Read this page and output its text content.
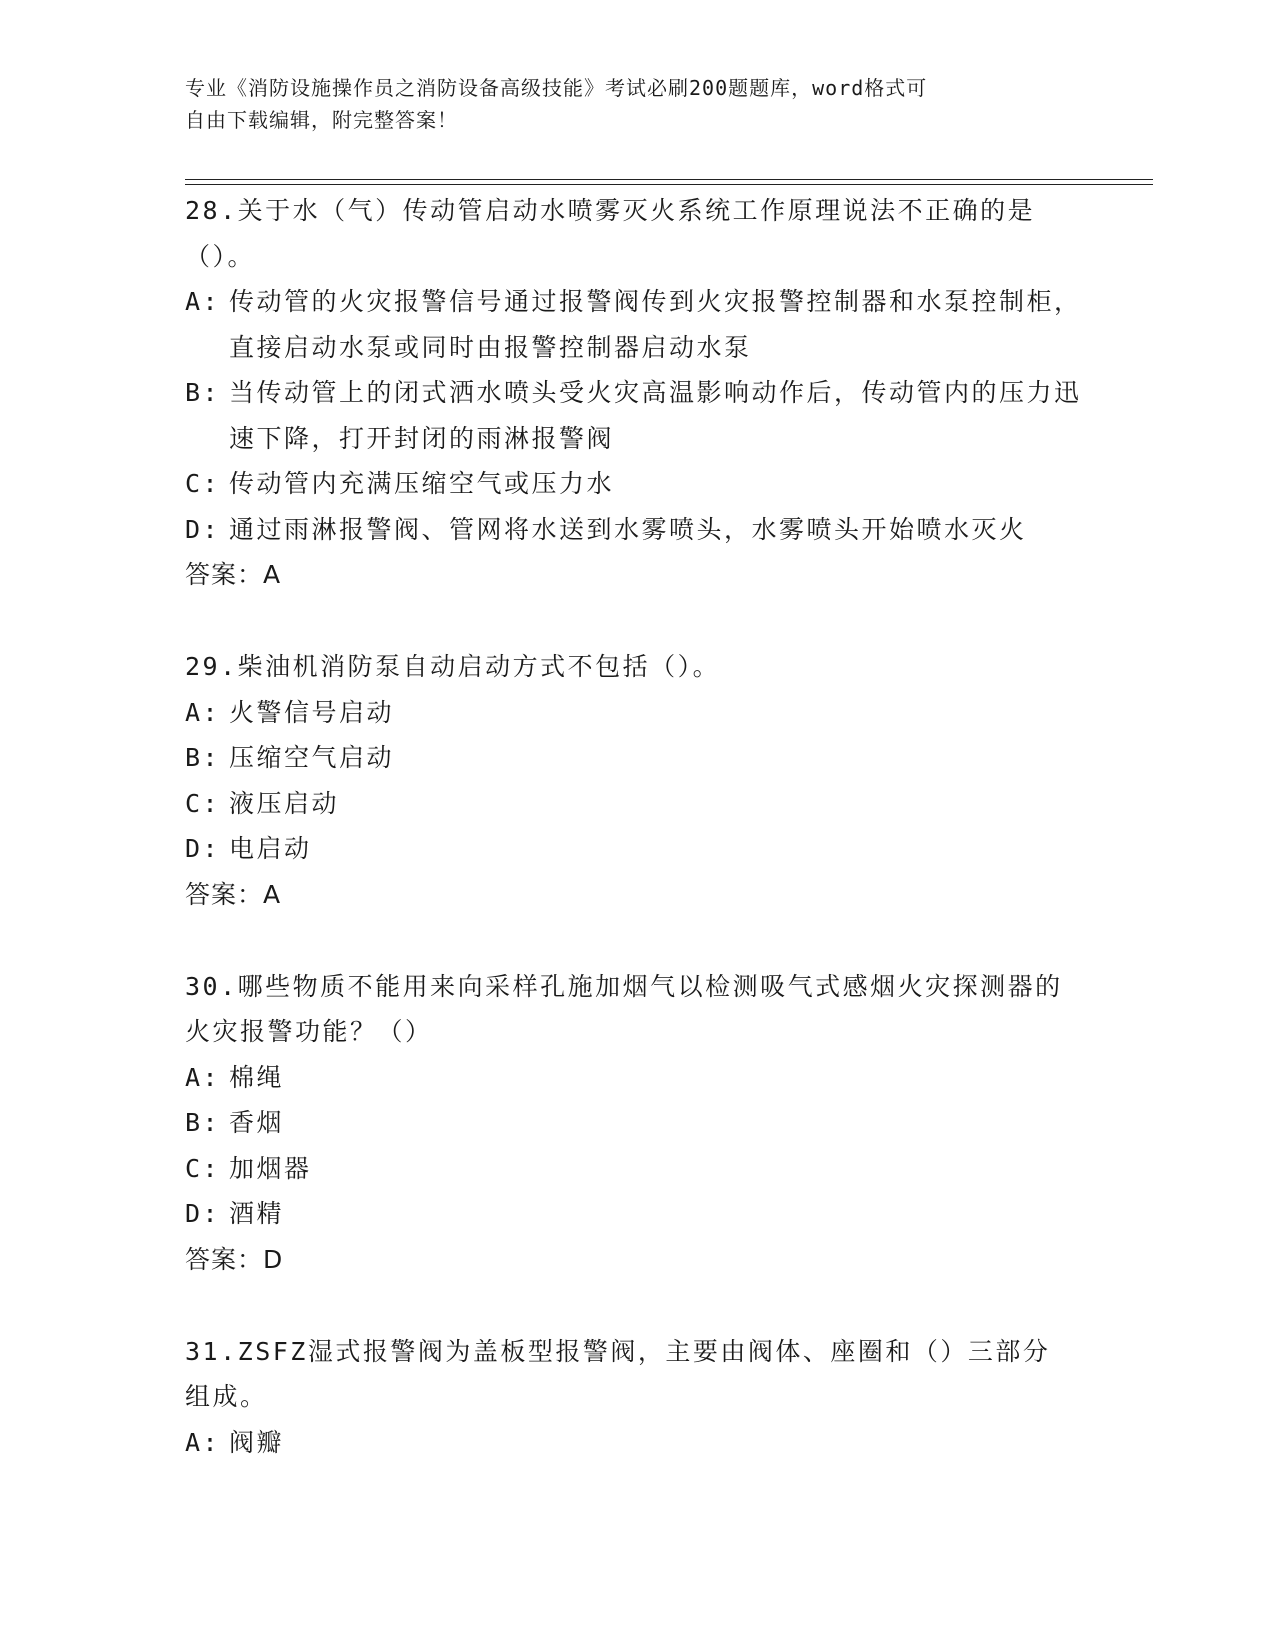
专业《消防设施操作员之消防设备高级技能》考试必刷200题题库，word格式可
自由下载编辑，附完整答案！
28.关于水（气）传动管启动水喷雾灭火系统工作原理说法不正确的是（）。
A: 传动管的火灾报警信号通过报警阀传到火灾报警控制器和水泵控制柜，直接启动水泵或同时由报警控制器启动水泵
B: 当传动管上的闭式洒水喷头受火灾高温影响动作后，传动管内的压力迅速下降，打开封闭的雨淋报警阀
C: 传动管内充满压缩空气或压力水
D: 通过雨淋报警阀、管网将水送到水雾喷头，水雾喷头开始喷水灭火
答案：A
29.柴油机消防泵自动启动方式不包括（）。
A: 火警信号启动
B: 压缩空气启动
C: 液压启动
D: 电启动
答案：A
30.哪些物质不能用来向采样孔施加烟气以检测吸气式感烟火灾探测器的火灾报警功能？（）
A: 棉绳
B: 香烟
C: 加烟器
D: 酒精
答案：D
31.ZSFZ湿式报警阀为盖板型报警阀，主要由阀体、座圈和（）三部分组成。
A: 阀瓣
